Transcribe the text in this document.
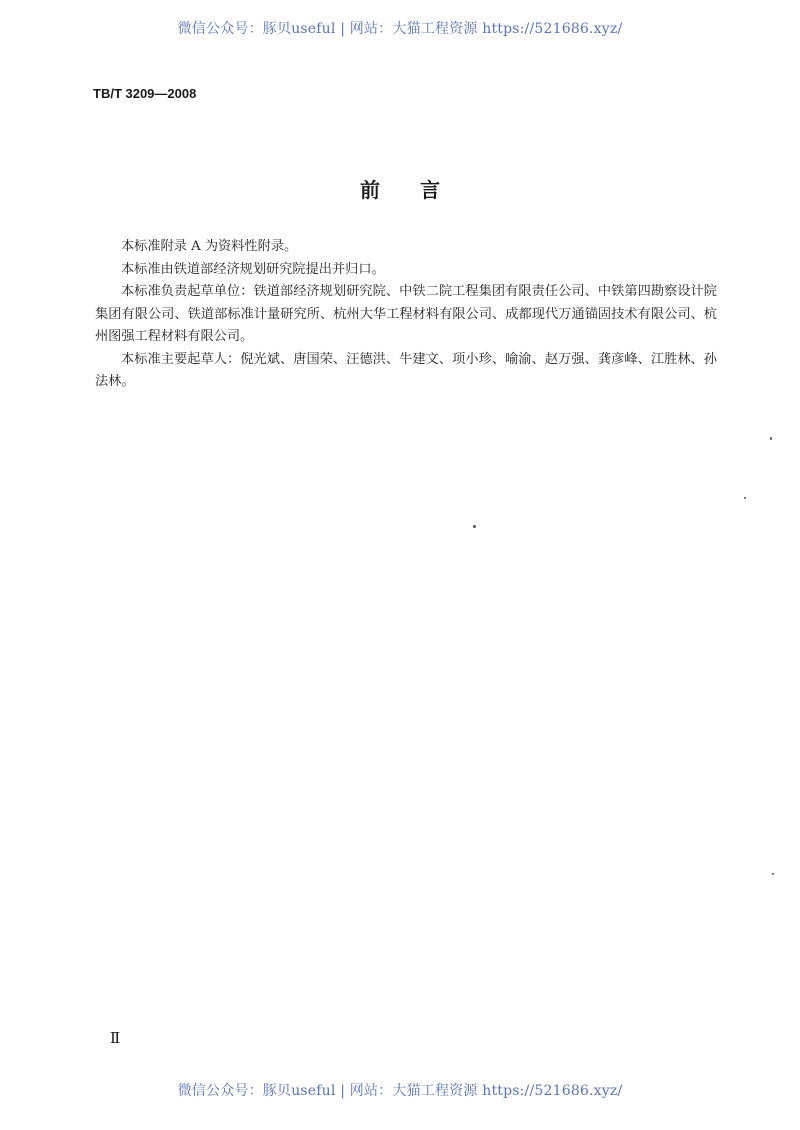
微信公众号：豚贝useful | 网站：大猫工程资源 https://521686.xyz/
TB/T 3209—2008
前言

本标准附录 A 为资料性附录。

本标准由铁道部经济规划研究院提出并归口。

本标准负责起草单位：铁道部经济规划研究院、中铁二院工程集团有限责任公司、中铁第四勘察设计院集团有限公司、铁道部标准计量研究所、杭州大华工程材料有限公司、成都现代万通锚固技术有限公司、杭州图强工程材料有限公司。

本标准主要起草人：倪光斌、唐国荣、汪德洪、牛建文、项小珍、喻渝、赵万强、龚彦峰、江胜林、孙法林。

Ⅱ
微信公众号：豚贝useful | 网站：大猫工程资源 https://521686.xyz/
